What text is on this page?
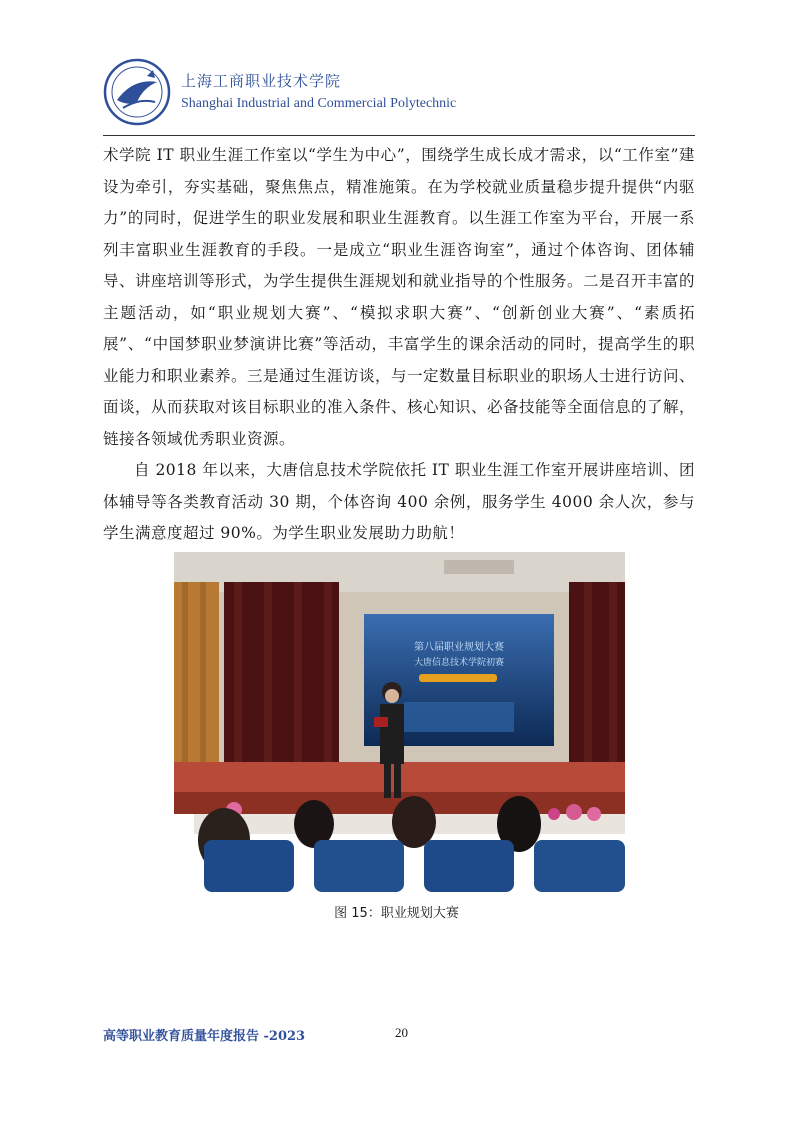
上海工商职业技术学院
Shanghai Industrial and Commercial Polytechnic

术学院 IT 职业生涯工作室以“学生为中心”，围绕学生成长成才需求，以“工作室”建设为牵引，夯实基础，聚焦焦点，精准施策。在为学校就业质量稳步提升提供“内驱力”的同时，促进学生的职业发展和职业生涯教育。以生涯工作室为平台，开展一系列丰富职业生涯教育的手段。一是成立“职业生涯咨询室”，通过个体咨询、团体辅导、讲座培训等形式，为学生提供生涯规划和就业指导的个性服务。二是召开丰富的主题活动，如“职业规划大赛”、“模拟求职大赛”、“创新创业大赛”、“素质拓展”、“中国梦职业梦演讲比赛”等活动，丰富学生的课余活动的同时，提高学生的职业能力和职业素养。三是通过生涯访谈，与一定数量目标职业的职场人士进行访问、面谈，从而获取对该目标职业的准入条件、核心知识、必备技能等全面信息的了解，链接各领域优秀职业资源。

自 2018 年以来，大唐信息技术学院依托 IT 职业生涯工作室开展讲座培训、团体辅导等各类教育活动 30 期，个体咨询 400 余例，服务学生 4000 余人次，参与学生满意度超过 90%。为学生职业发展助力助航！

第八届职业规划大赛
大唐信息技术学院初赛
图 15：职业规划大赛
高等职业教育质量年度报告 -2023	20
